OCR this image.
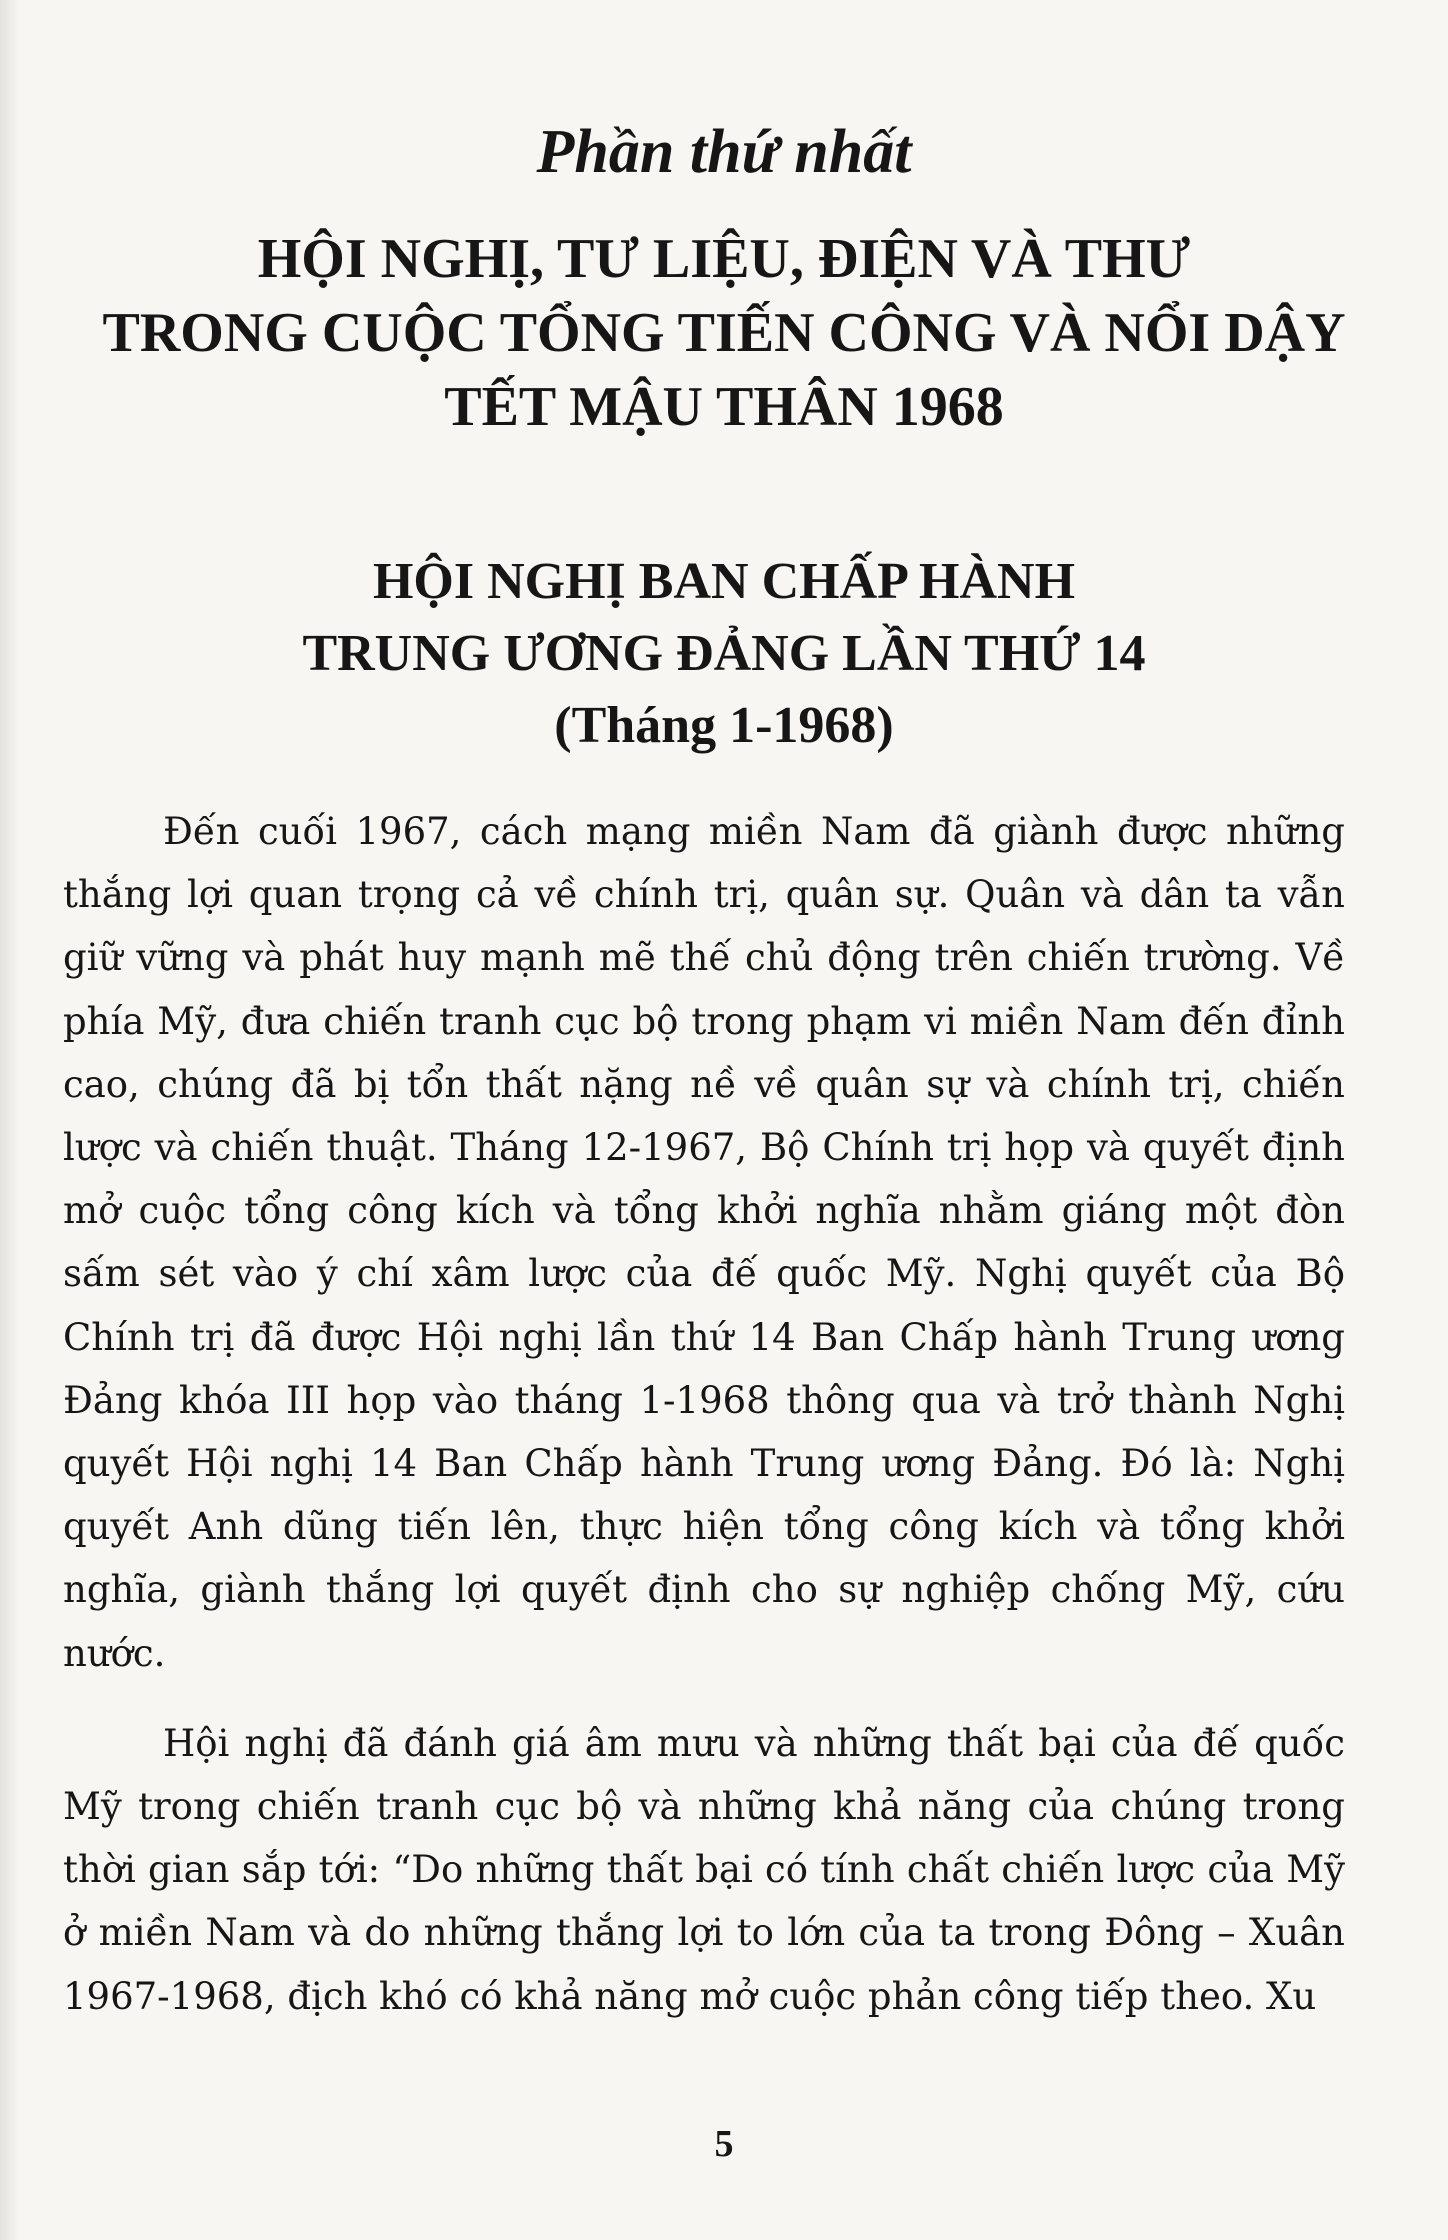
Phần thứ nhất
HỘI NGHỊ, TƯ LIỆU, ĐIỆN VÀ THƯ
TRONG CUỘC TỔNG TIẾN CÔNG VÀ NỔI DẬY
TẾT MẬU THÂN 1968
HỘI NGHỊ BAN CHẤP HÀNH
TRUNG ƯƠNG ĐẢNG LẦN THỨ 14
(Tháng 1-1968)

Đến cuối 1967, cách mạng miền Nam đã giành được những thắng lợi quan trọng cả về chính trị, quân sự. Quân và dân ta vẫn giữ vững và phát huy mạnh mẽ thế chủ động trên chiến trường. Về phía Mỹ, đưa chiến tranh cục bộ trong phạm vi miền Nam đến đỉnh cao, chúng đã bị tổn thất nặng nề về quân sự và chính trị, chiến lược và chiến thuật. Tháng 12-1967, Bộ Chính trị họp và quyết định mở cuộc tổng công kích và tổng khởi nghĩa nhằm giáng một đòn sấm sét vào ý chí xâm lược của đế quốc Mỹ. Nghị quyết của Bộ Chính trị đã được Hội nghị lần thứ 14 Ban Chấp hành Trung ương Đảng khóa III họp vào tháng 1-1968 thông qua và trở thành Nghị quyết Hội nghị 14 Ban Chấp hành Trung ương Đảng. Đó là: Nghị quyết Anh dũng tiến lên, thực hiện tổng công kích và tổng khởi nghĩa, giành thắng lợi quyết định cho sự nghiệp chống Mỹ, cứu nước.

Hội nghị đã đánh giá âm mưu và những thất bại của đế quốc Mỹ trong chiến tranh cục bộ và những khả năng của chúng trong thời gian sắp tới: “Do những thất bại có tính chất chiến lược của Mỹ ở miền Nam và do những thắng lợi to lớn của ta trong Đông – Xuân 1967-1968, địch khó có khả năng mở cuộc phản công tiếp theo. Xu

5
